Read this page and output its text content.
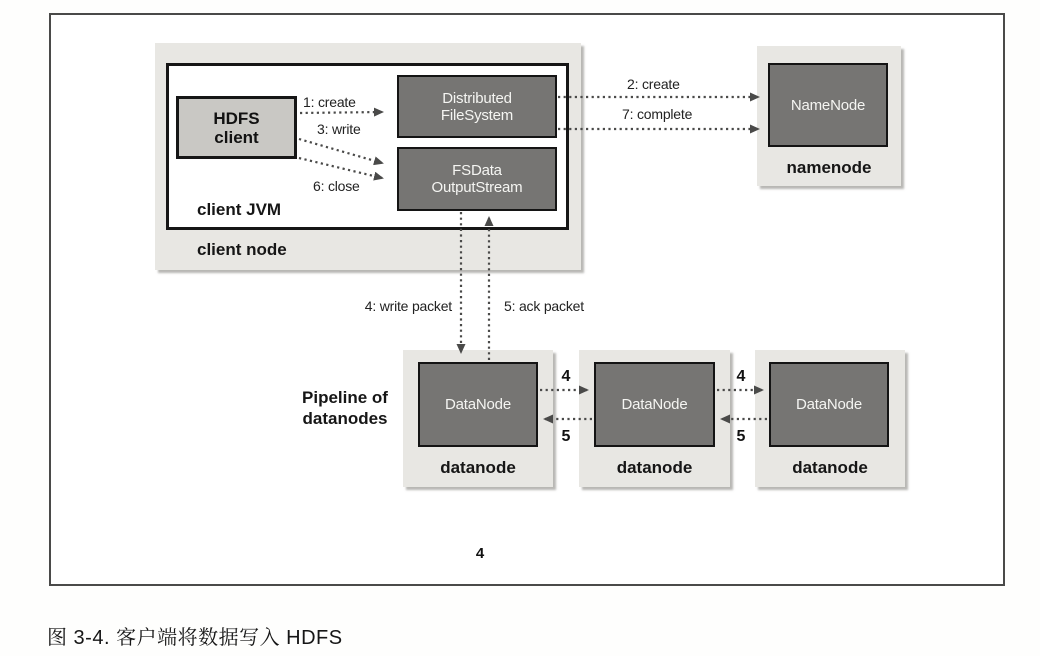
HDFS
client
Distributed
FileSystem
FSData
OutputStream
NameNode
DataNode	DataNode	DataNode
client JVM
client node
namenode
datanode	datanode	datanode
Pipeline of
datanodes
1: create
3: write
6: close
2: create
7: complete
4: write packet	5: ack packet
4
5
4
5
4
图 3-4. 客户端将数据写入 HDFS
